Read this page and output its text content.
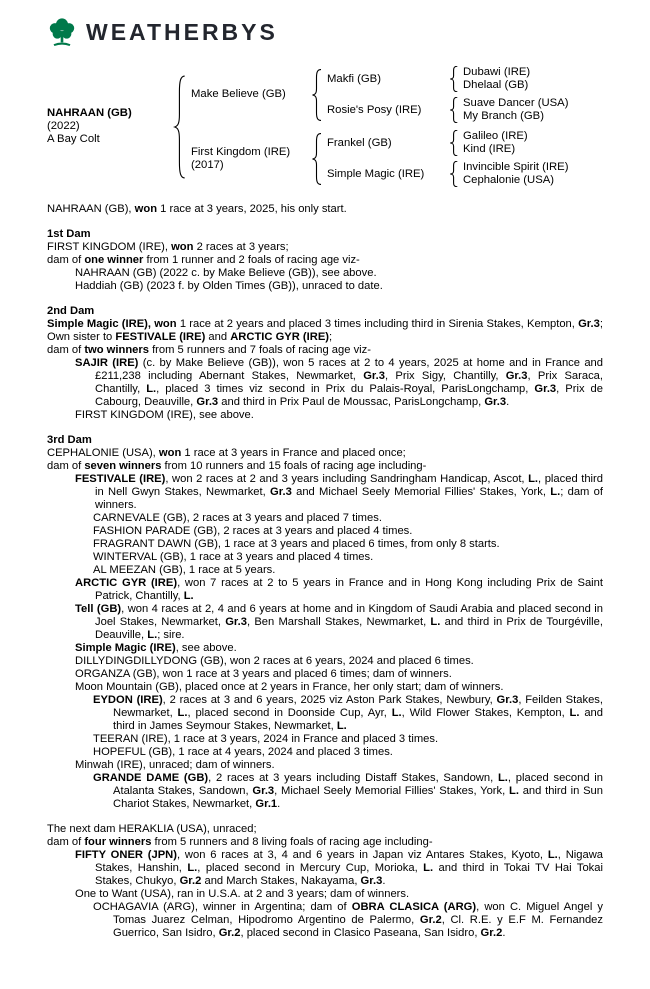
WEATHERBYS
NAHRAAN (GB)
(2022)
A Bay Colt
Make Believe (GB)
Makfi (GB)
Dubawi (IRE)
Dhelaal (GB)
Rosie's Posy (IRE)
Suave Dancer (USA)
My Branch (GB)
First Kingdom (IRE)
(2017)
Frankel (GB)
Galileo (IRE)
Kind (IRE)
Simple Magic (IRE)
Invincible Spirit (IRE)
Cephalonie (USA)

NAHRAAN (GB), won 1 race at 3 years, 2025, his only start.

1st Dam

FIRST KINGDOM (IRE), won 2 races at 3 years;

dam of one winner from 1 runner and 2 foals of racing age viz-

NAHRAAN (GB) (2022 c. by Make Believe (GB)), see above.

Haddiah (GB) (2023 f. by Olden Times (GB)), unraced to date.

2nd Dam

Simple Magic (IRE), won 1 race at 2 years and placed 3 times including third in Sirenia Stakes, Kempton, Gr.3; Own sister to FESTIVALE (IRE) and ARCTIC GYR (IRE);

dam of two winners from 5 runners and 7 foals of racing age viz-

SAJIR (IRE) (c. by Make Believe (GB)), won 5 races at 2 to 4 years, 2025 at home and in France and £211,238 including Abernant Stakes, Newmarket, Gr.3, Prix Sigy, Chantilly, Gr.3, Prix Saraca, Chantilly, L., placed 3 times viz second in Prix du Palais-Royal, ParisLongchamp, Gr.3, Prix de Cabourg, Deauville, Gr.3 and third in Prix Paul de Moussac, ParisLongchamp, Gr.3.

FIRST KINGDOM (IRE), see above.

3rd Dam

CEPHALONIE (USA), won 1 race at 3 years in France and placed once;

dam of seven winners from 10 runners and 15 foals of racing age including-

FESTIVALE (IRE), won 2 races at 2 and 3 years including Sandringham Handicap, Ascot, L., placed third in Nell Gwyn Stakes, Newmarket, Gr.3 and Michael Seely Memorial Fillies' Stakes, York, L.; dam of winners.

CARNEVALE (GB), 2 races at 3 years and placed 7 times.

FASHION PARADE (GB), 2 races at 3 years and placed 4 times.

FRAGRANT DAWN (GB), 1 race at 3 years and placed 6 times, from only 8 starts.

WINTERVAL (GB), 1 race at 3 years and placed 4 times.

AL MEEZAN (GB), 1 race at 5 years.

ARCTIC GYR (IRE), won 7 races at 2 to 5 years in France and in Hong Kong including Prix de Saint Patrick, Chantilly, L.

Tell (GB), won 4 races at 2, 4 and 6 years at home and in Kingdom of Saudi Arabia and placed second in Joel Stakes, Newmarket, Gr.3, Ben Marshall Stakes, Newmarket, L. and third in Prix de Tourgéville, Deauville, L.; sire.

Simple Magic (IRE), see above.

DILLYDINGDILLYDONG (GB), won 2 races at 6 years, 2024 and placed 6 times.

ORGANZA (GB), won 1 race at 3 years and placed 6 times; dam of winners.

Moon Mountain (GB), placed once at 2 years in France, her only start; dam of winners.

EYDON (IRE), 2 races at 3 and 6 years, 2025 viz Aston Park Stakes, Newbury, Gr.3, Feilden Stakes, Newmarket, L., placed second in Doonside Cup, Ayr, L., Wild Flower Stakes, Kempton, L. and third in James Seymour Stakes, Newmarket, L.

TEERAN (IRE), 1 race at 3 years, 2024 in France and placed 3 times.

HOPEFUL (GB), 1 race at 4 years, 2024 and placed 3 times.

Minwah (IRE), unraced; dam of winners.

GRANDE DAME (GB), 2 races at 3 years including Distaff Stakes, Sandown, L., placed second in Atalanta Stakes, Sandown, Gr.3, Michael Seely Memorial Fillies' Stakes, York, L. and third in Sun Chariot Stakes, Newmarket, Gr.1.

The next dam HERAKLIA (USA), unraced;

dam of four winners from 5 runners and 8 living foals of racing age including-

FIFTY ONER (JPN), won 6 races at 3, 4 and 6 years in Japan viz Antares Stakes, Kyoto, L., Nigawa Stakes, Hanshin, L., placed second in Mercury Cup, Morioka, L. and third in Tokai TV Hai Tokai Stakes, Chukyo, Gr.2 and March Stakes, Nakayama, Gr.3.

One to Want (USA), ran in U.S.A. at 2 and 3 years; dam of winners.

OCHAGAVIA (ARG), winner in Argentina; dam of OBRA CLASICA (ARG), won C. Miguel Angel y Tomas Juarez Celman, Hipodromo Argentino de Palermo, Gr.2, Cl. R.E. y E.F M. Fernandez Guerrico, San Isidro, Gr.2, placed second in Clasico Paseana, San Isidro, Gr.2.
